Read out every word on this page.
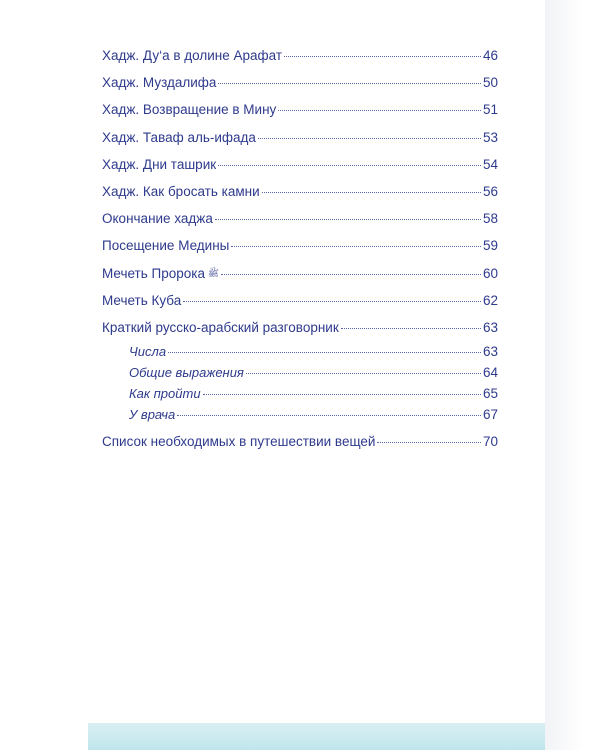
Хадж. Ду‘а в долине Арафат	46
Хадж. Муздалифа	50
Хадж. Возвращение в Мину	51
Хадж. Таваф аль-ифада	53
Хадж. Дни ташрик	54
Хадж. Как бросать камни	56
Окончание хаджа	58
Посещение Медины	59
Мечеть Пророка ﷺ	60
Мечеть Куба	62
Краткий русско-арабский разговорник	63
Числа	63
Общие выражения	64
Как пройти	65
У врача	67
Список необходимых в путешествии вещей	70
